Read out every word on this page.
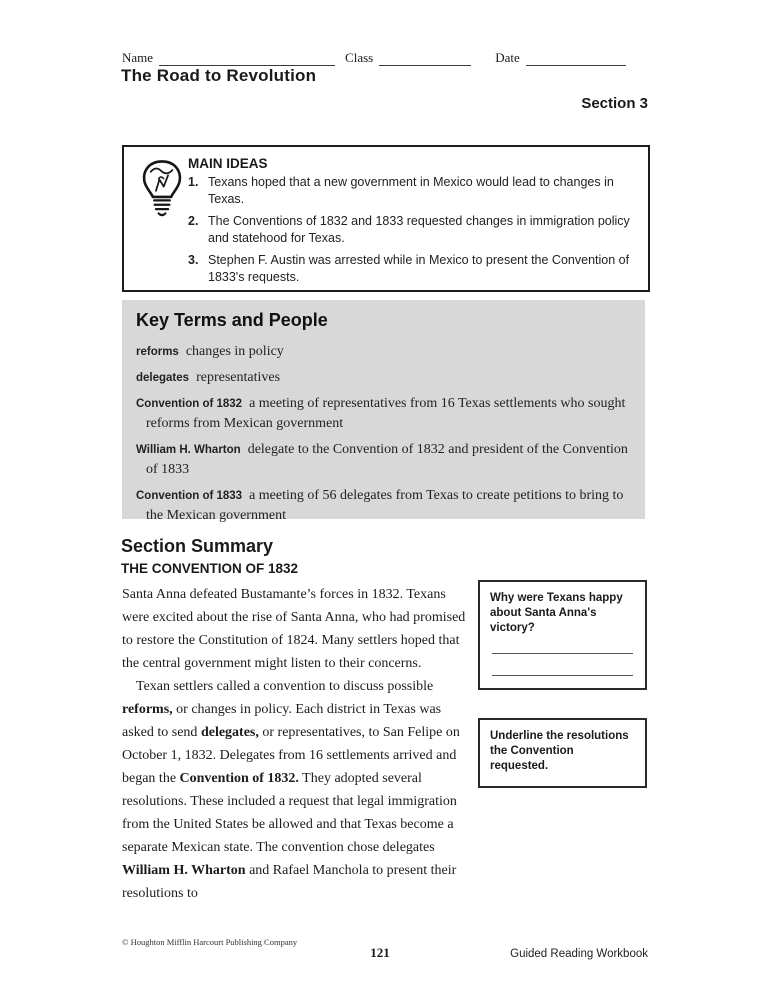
Name	Class	Date
The Road to Revolution
Section 3
MAIN IDEAS
1. Texans hoped that a new government in Mexico would lead to changes in Texas.
2. The Conventions of 1832 and 1833 requested changes in immigration policy and statehood for Texas.
3. Stephen F. Austin was arrested while in Mexico to present the Convention of 1833's requests.
Key Terms and People

reforms changes in policy

delegates representatives

Convention of 1832 a meeting of representatives from 16 Texas settlements who sought reforms from Mexican government

William H. Wharton delegate to the Convention of 1832 and president of the Convention of 1833

Convention of 1833 a meeting of 56 delegates from Texas to create petitions to bring to the Mexican government

Section Summary
THE CONVENTION OF 1832

Santa Anna defeated Bustamante’s forces in 1832. Texans were excited about the rise of Santa Anna, who had promised to restore the Constitution of 1824. Many settlers hoped that the central government might listen to their concerns.

Texan settlers called a convention to discuss possible reforms, or changes in policy. Each district in Texas was asked to send delegates, or representatives, to San Felipe on October 1, 1832. Delegates from 16 settlements arrived and began the Convention of 1832. They adopted several resolutions. These included a request that legal immigration from the United States be allowed and that Texas become a separate Mexican state. The convention chose delegates William H. Wharton and Rafael Manchola to present their resolutions to

Why were Texans happy about Santa Anna's victory?
Underline the resolutions the Convention requested.
© Houghton Mifflin Harcourt Publishing Company
121	Guided Reading Workbook
